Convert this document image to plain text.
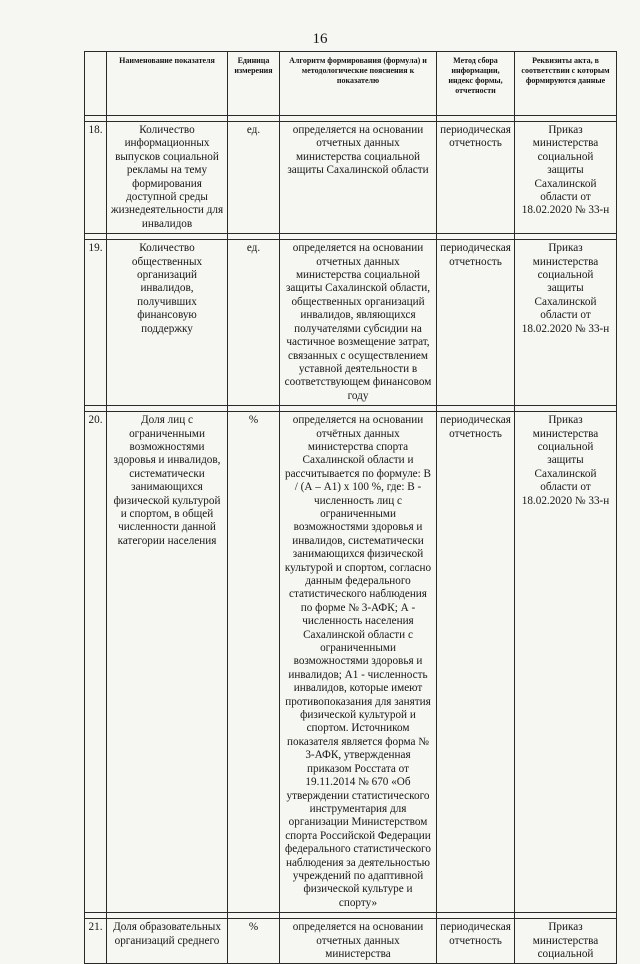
16
	Наименование показателя	Единица измерения	Алгоритм формирования (формула) и методологические пояснения к показателю	Метод сбора информации, индекс формы, отчетности	Реквизиты акта, в соответствии с которым формируются данные

18.	Количество информационных выпусков социальной рекламы на тему формирования доступной среды жизнедеятельности для инвалидов	ед.	определяется на основании отчетных данных министерства социальной защиты Сахалинской области	периодическая отчетность	Приказ министерства социальной защиты Сахалинской области от 18.02.2020 № 33-н

19.	Количество общественных организаций инвалидов, получивших финансовую поддержку	ед.	определяется на основании отчетных данных министерства социальной защиты Сахалинской области, общественных организаций инвалидов, являющихся получателями субсидии на частичное возмещение затрат, связанных с осуществлением уставной деятельности в соответствующем финансовом году	периодическая отчетность	Приказ министерства социальной защиты Сахалинской области от 18.02.2020 № 33-н

20.	Доля лиц с ограниченными возможностями здоровья и инвалидов, систематически занимающихся физической культурой и спортом, в общей численности данной категории населения	%	определяется на основании отчётных данных министерства спорта Сахалинской области и рассчитывается по формуле: В / (А – А1) х 100 %, где: В - численность лиц с ограниченными возможностями здоровья и инвалидов, систематически занимающихся физической культурой и спортом, согласно данным федерального статистического наблюдения по форме № 3-АФК; А - численность населения Сахалинской области с ограниченными возможностями здоровья и инвалидов; А1 - численность инвалидов, которые имеют противопоказания для занятия физической культурой и спортом. Источником показателя является форма № 3-АФК, утвержденная приказом Росстата от 19.11.2014 № 670 «Об утверждении статистического инструментария для организации Министерством спорта Российской Федерации федерального статистического наблюдения за деятельностью учреждений по адаптивной физической культуре и спорту»	периодическая отчетность	Приказ министерства социальной защиты Сахалинской области от 18.02.2020 № 33-н

21.	Доля образовательных организаций среднего	%	определяется на основании отчетных данных министерства	периодическая отчетность	Приказ министерства социальной
